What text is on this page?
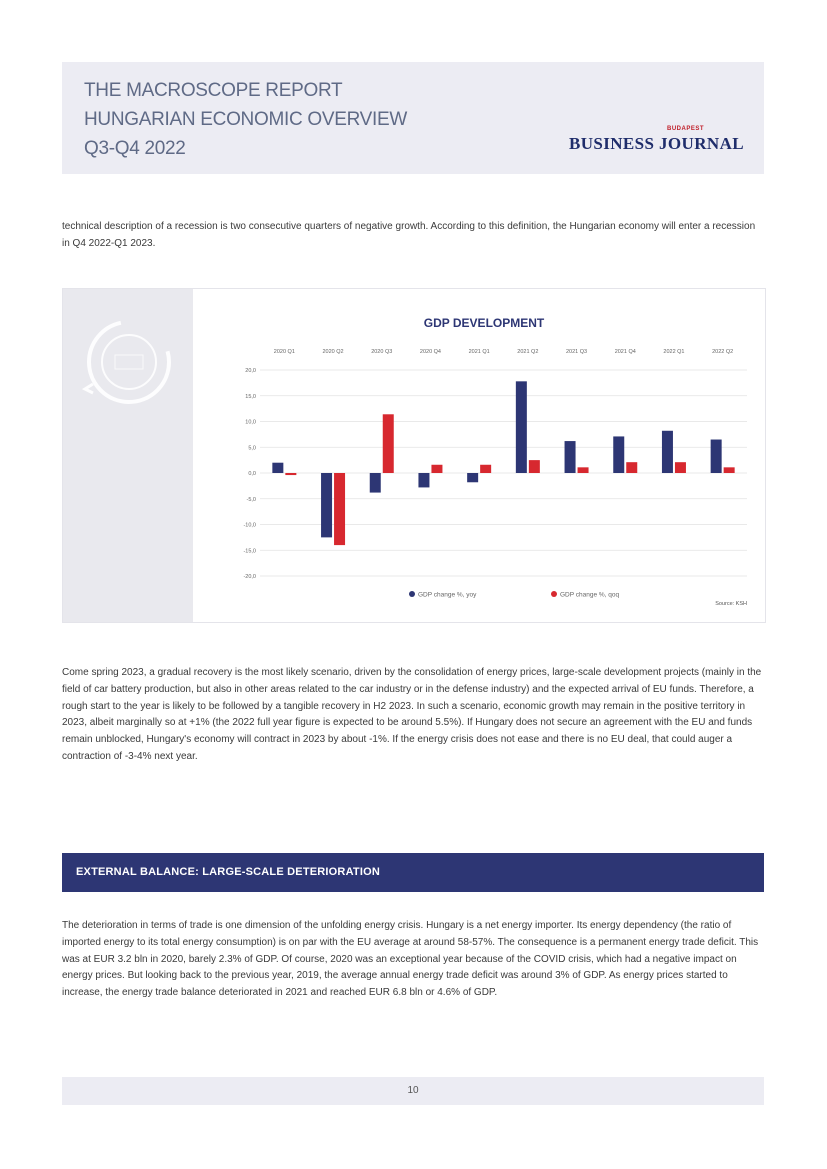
THE MACROSCOPE REPORT
HUNGARIAN ECONOMIC OVERVIEW
Q3-Q4 2022
BUDAPEST
BUSINESS JOURNAL
technical description of a recession is two consecutive quarters of negative growth. According to this definition, the Hungarian economy will enter a recession in Q4 2022-Q1 2023.
GDP DEVELOPMENT
2020 Q1	2020 Q2	2020 Q3	2020 Q4	2021 Q1	2021 Q2	2021 Q3	2021 Q4	2022 Q1	2022 Q2
20,0
15,0
10,0
5,0
0,0
-5,0
-10,0
-15,0
-20,0
GDP change %, yoy	GDP change %, qoq
Source: KSH
Come spring 2023, a gradual recovery is the most likely scenario, driven by the consolidation of energy prices, large-scale development projects (mainly in the field of car battery production, but also in other areas related to the car industry or in the defense industry) and the expected arrival of EU funds. Therefore, a rough start to the year is likely to be followed by a tangible recovery in H2 2023. In such a scenario, economic growth may remain in the positive territory in 2023, albeit marginally so at +1% (the 2022 full year figure is expected to be around 5.5%). If Hungary does not secure an agreement with the EU and funds remain unblocked, Hungary's economy will contract in 2023 by about -1%. If the energy crisis does not ease and there is no EU deal, that could auger a contraction of -3-4% next year.
EXTERNAL BALANCE: LARGE-SCALE DETERIORATION
The deterioration in terms of trade is one dimension of the unfolding energy crisis. Hungary is a net energy importer. Its energy dependency (the ratio of imported energy to its total energy consumption) is on par with the EU average at around 58-57%. The consequence is a permanent energy trade deficit. This was at EUR 3.2 bln in 2020, barely 2.3% of GDP. Of course, 2020 was an exceptional year because of the COVID crisis, which had a negative impact on energy prices. But looking back to the previous year, 2019, the average annual energy trade deficit was around 3% of GDP. As energy prices started to increase, the energy trade balance deteriorated in 2021 and reached EUR 6.8 bln or 4.6% of GDP.
10
